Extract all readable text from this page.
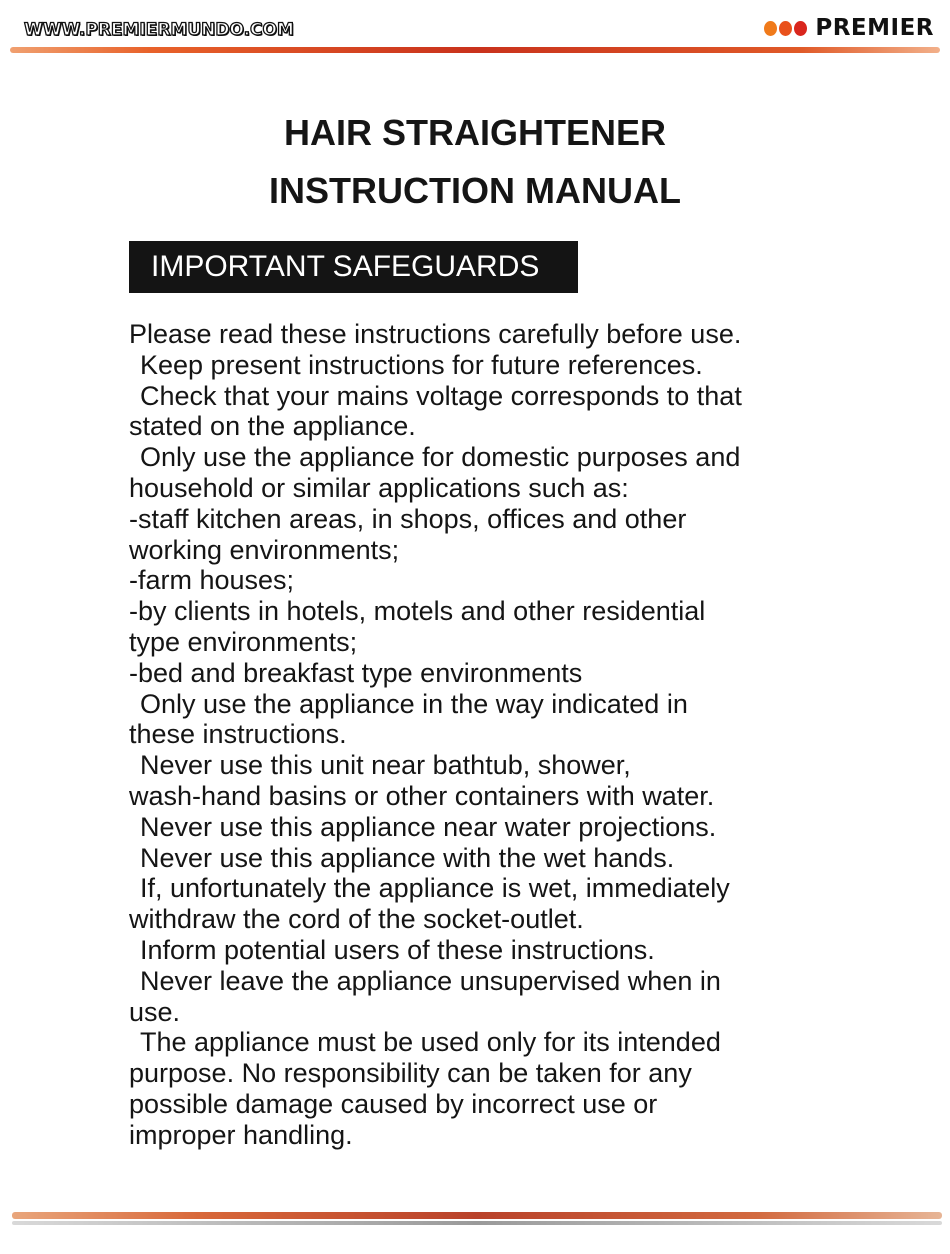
WWW.PREMIERMUNDO.COM	PREMIER
HAIR STRAIGHTENER
INSTRUCTION MANUAL
IMPORTANT SAFEGUARDS
Please read these instructions carefully before use.
Keep present instructions for future references.
Check that your mains voltage corresponds to that
stated on the appliance.
Only use the appliance for domestic purposes and
household or similar applications such as:
-staff kitchen areas, in shops, offices and other
working environments;
-farm houses;
-by clients in hotels, motels and other residential
type environments;
-bed and breakfast type environments
Only use the appliance in the way indicated in
these instructions.
Never use this unit near bathtub, shower,
wash-hand basins or other containers with water.
Never use this appliance near water projections.
Never use this appliance with the wet hands.
If, unfortunately the appliance is wet, immediately
withdraw the cord of the socket-outlet.
Inform potential users of these instructions.
Never leave the appliance unsupervised when in
use.
The appliance must be used only for its intended
purpose. No responsibility can be taken for any
possible damage caused by incorrect use or
improper handling.
